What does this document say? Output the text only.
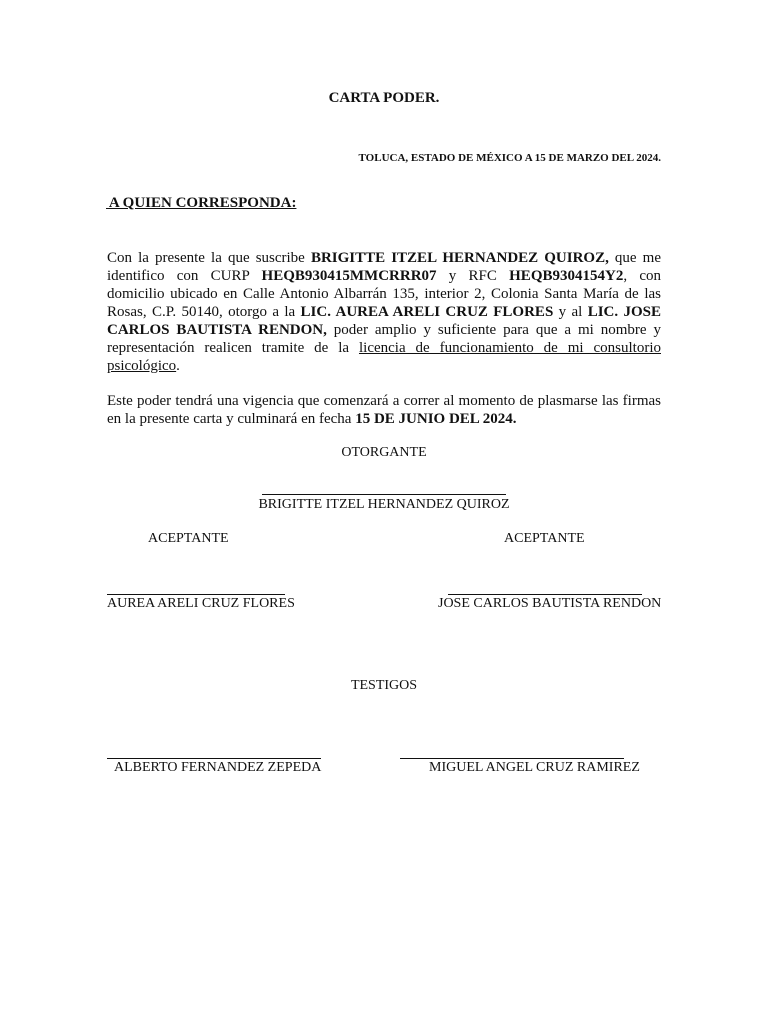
CARTA PODER.
TOLUCA, ESTADO DE MÉXICO A 15 DE MARZO DEL 2024.
A QUIEN CORRESPONDA:
Con la presente la que suscribe BRIGITTE ITZEL HERNANDEZ QUIROZ, que me identifico con CURP HEQB930415MMCRRR07 y RFC HEQB9304154Y2, con domicilio ubicado en Calle Antonio Albarrán 135, interior 2, Colonia Santa María de las Rosas, C.P. 50140, otorgo a la LIC. AUREA ARELI CRUZ FLORES y al LIC. JOSE CARLOS BAUTISTA RENDON, poder amplio y suficiente para que a mi nombre y representación realicen tramite de la licencia de funcionamiento de mi consultorio psicológico.
Este poder tendrá una vigencia que comenzará a correr al momento de plasmarse las firmas en la presente carta y culminará en fecha 15 DE JUNIO DEL 2024.
OTORGANTE
BRIGITTE ITZEL HERNANDEZ QUIROZ
ACEPTANTE	ACEPTANTE
AUREA ARELI CRUZ FLORES	JOSE CARLOS BAUTISTA RENDON
TESTIGOS
ALBERTO FERNANDEZ ZEPEDA	MIGUEL ANGEL CRUZ RAMIREZ
